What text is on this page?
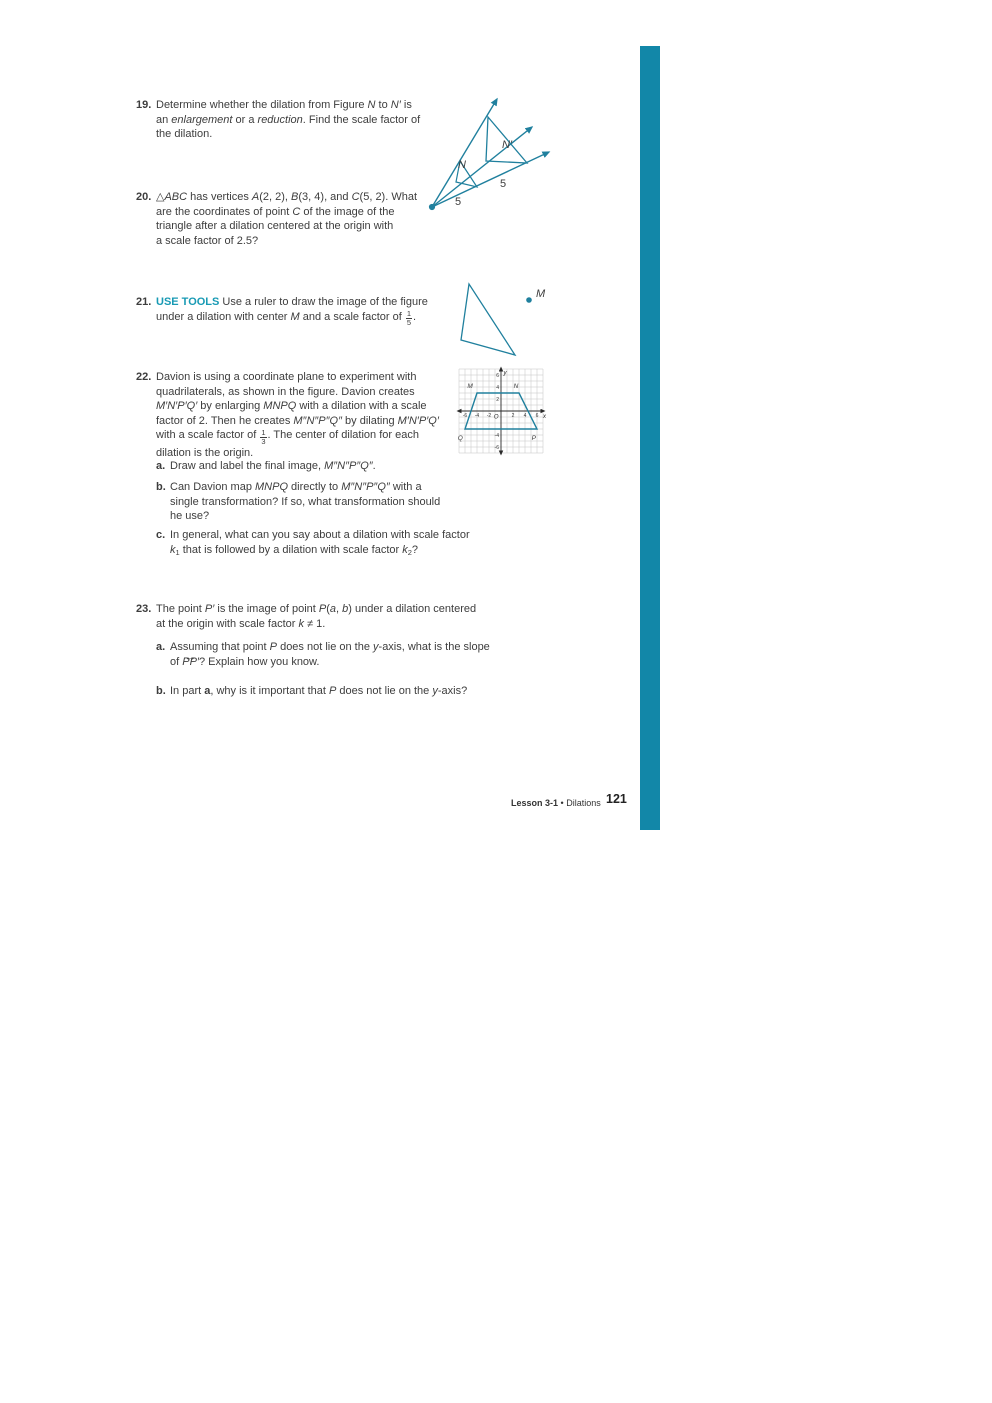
19. Determine whether the dilation from Figure N to N′ is
an enlargement or a reduction. Find the scale factor of
the dilation.
N
N′
5
5
20. △ABC has vertices A(2, 2), B(3, 4), and C(5, 2). What
are the coordinates of point C of the image of the
triangle after a dilation centered at the origin with
a scale factor of 2.5?
21. USE TOOLS Use a ruler to draw the image of the figure
under a dilation with center M and a scale factor of $\frac{1}{5}$ .
M
22. Davion is using a coordinate plane to experiment with
quadrilaterals, as shown in the figure. Davion creates
M′N′P′Q′ by enlarging MNPQ with a dilation with a scale
factor of 2. Then he creates M″N″P″Q″ by dilating M′N′P′Q′
with a scale factor of $\frac{1}{3}$ . The center of dilation for each
dilation is the origin.
-6 -4 -2	2 4 6
6
4
2
-4
-6
x
y
O
M	N
P
Q
a. Draw and label the final image, M″N″P″Q″.
b. Can Davion map MNPQ directly to M″N″P″Q″ with a
single transformation? If so, what transformation should
he use?
c. In general, what can you say about a dilation with scale factor
k1 that is followed by a dilation with scale factor k2?
23. The point P′ is the image of point P(a, b) under a dilation centered
at the origin with scale factor k ≠ 1.
a. Assuming that point P does not lie on the y-axis, what is the slope
of ↔ PP′? Explain how you know.
b. In part a, why is it important that P does not lie on the y-axis?
Lesson 3-1 • Dilations 121
